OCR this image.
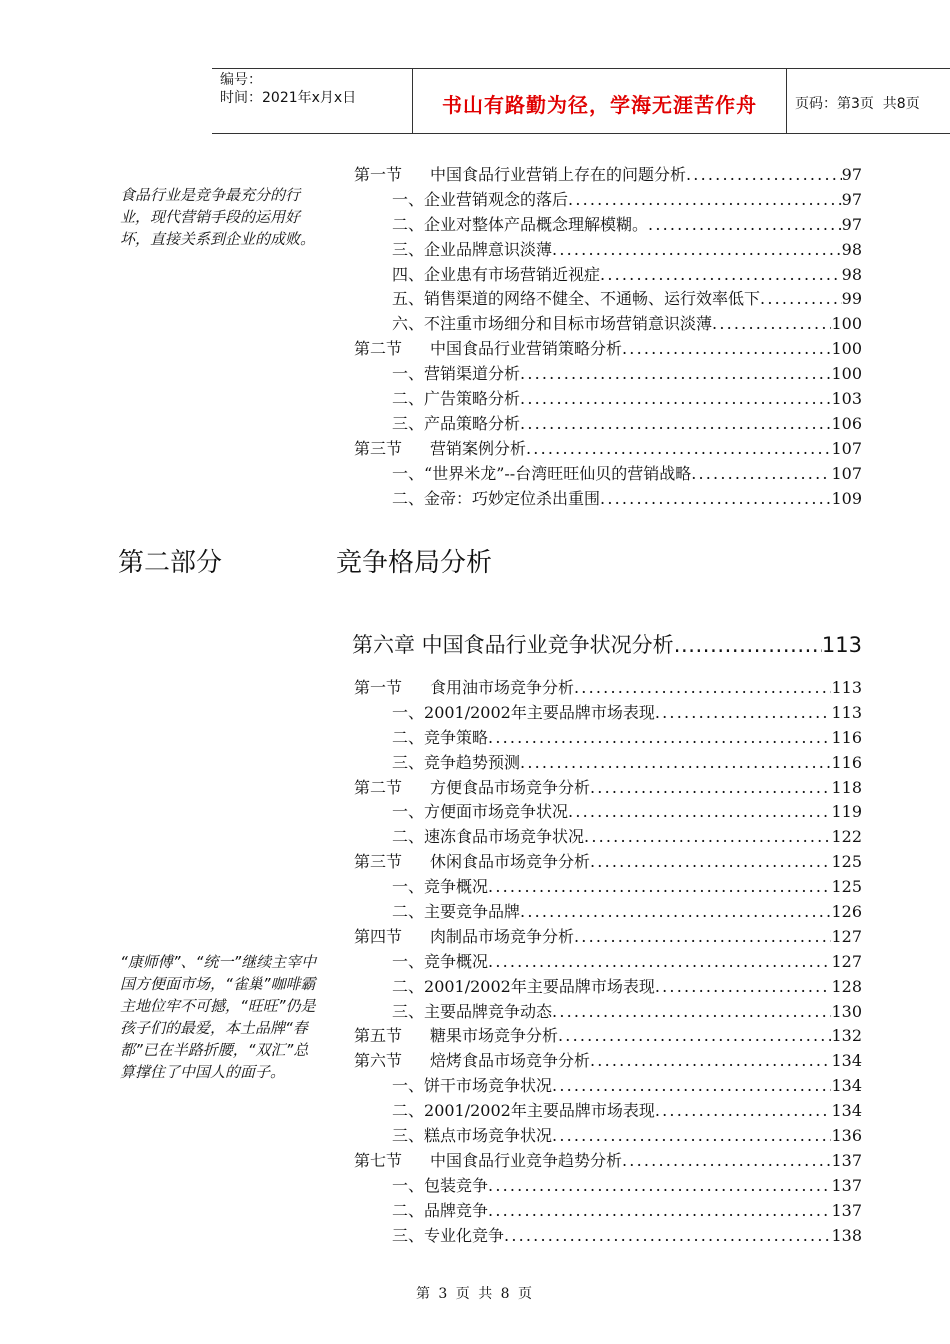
编号：
时间：2021年x月x日	书山有路勤为径，学海无涯苦作舟	页码：第3页  共8页
食品行业是竞争最充分的行业，现代营销手段的运用好坏，直接关系到企业的成败。
“康师傅”、“统一”继续主宰中国方便面市场，“雀巢”咖啡霸主地位牢不可撼，“旺旺”仍是孩子们的最爱，本土品牌“春都”已在半路折腰，“双汇”总算撑住了中国人的面子。
第一节 中国食品行业营销上存在的问题分析 .....	97
一、企业营销观念的落后 .....	97
二、企业对整体产品概念理解模糊。 .....	97
三、企业品牌意识淡薄 .....	98
四、企业患有市场营销近视症 .....	98
五、销售渠道的网络不健全、不通畅、运行效率低下 .....	99
六、不注重市场细分和目标市场营销意识淡薄 .....	100
第二节 中国食品行业营销策略分析 .....	100
一、营销渠道分析 .....	100
二、广告策略分析 .....	103
三、产品策略分析 .....	106
第三节 营销案例分析 .....	107
一、“世界米龙”--台湾旺旺仙贝的营销战略 .....	107
二、金帝：巧妙定位杀出重围 .....	109
第二部分	竞争格局分析
第六章 中国食品行业竞争状况分析 .....	113
第一节 食用油市场竞争分析 .....	113
一、2001/2002年主要品牌市场表现 .....	113
二、竞争策略 .....	116
三、竞争趋势预测 .....	116
第二节 方便食品市场竞争分析 .....	118
一、方便面市场竞争状况 .....	119
二、速冻食品市场竞争状况 .....	122
第三节 休闲食品市场竞争分析 .....	125
一、竞争概况 .....	125
二、主要竞争品牌 .....	126
第四节 肉制品市场竞争分析 .....	127
一、竞争概况 .....	127
二、2001/2002年主要品牌市场表现 .....	128
三、主要品牌竞争动态 .....	130
第五节 糖果市场竞争分析 .....	132
第六节 焙烤食品市场竞争分析 .....	134
一、饼干市场竞争状况 .....	134
二、2001/2002年主要品牌市场表现 .....	134
三、糕点市场竞争状况 .....	136
第七节 中国食品行业竞争趋势分析 .....	137
一、包装竞争 .....	137
二、品牌竞争 .....	137
三、专业化竞争 .....	138
第 3 页 共 8 页
